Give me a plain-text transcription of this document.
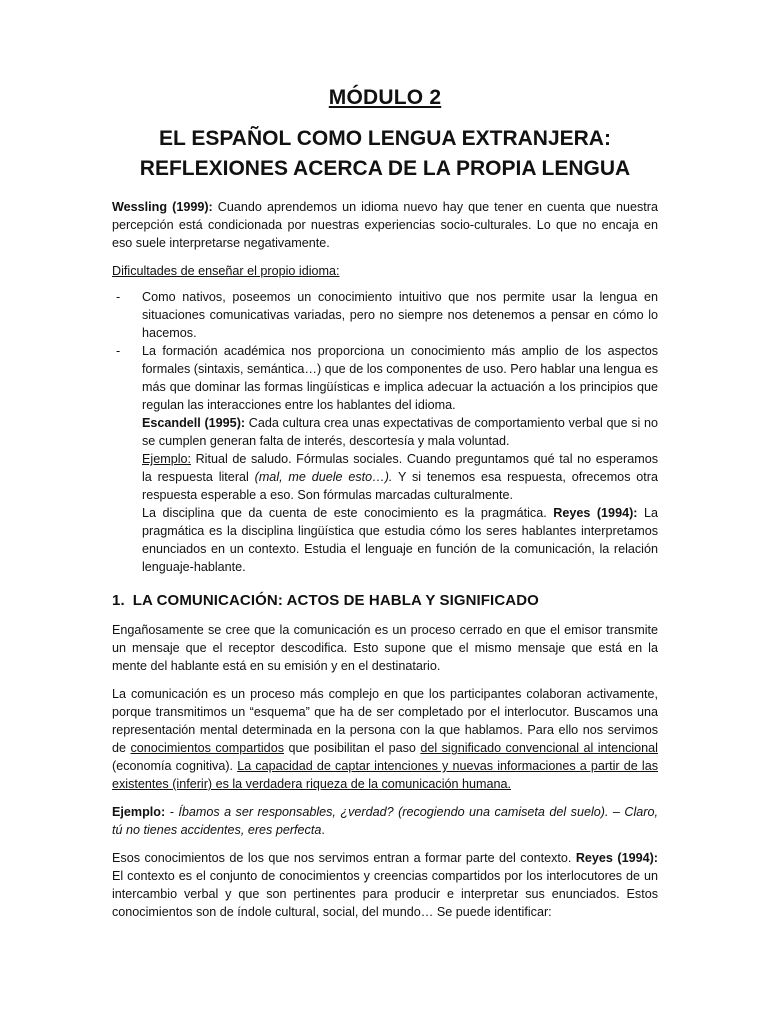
MÓDULO 2
EL ESPAÑOL COMO LENGUA EXTRANJERA:
REFLEXIONES ACERCA DE LA PROPIA LENGUA

Wessling (1999): Cuando aprendemos un idioma nuevo hay que tener en cuenta que nuestra percepción está condicionada por nuestras experiencias socio-culturales. Lo que no encaja en eso suele interpretarse negativamente.

Dificultades de enseñar el propio idioma:

- Como nativos, poseemos un conocimiento intuitivo que nos permite usar la lengua en situaciones comunicativas variadas, pero no siempre nos detenemos a pensar en cómo lo hacemos.
- La formación académica nos proporciona un conocimiento más amplio de los aspectos formales (sintaxis, semántica…) que de los componentes de uso. Pero hablar una lengua es más que dominar las formas lingüísticas e implica adecuar la actuación a los principios que regulan las interacciones entre los hablantes del idioma.
Escandell (1995): Cada cultura crea unas expectativas de comportamiento verbal que si no se cumplen generan falta de interés, descortesía y mala voluntad.
Ejemplo: Ritual de saludo. Fórmulas sociales. Cuando preguntamos qué tal no esperamos la respuesta literal (mal, me duele esto…). Y si tenemos esa respuesta, ofrecemos otra respuesta esperable a eso. Son fórmulas marcadas culturalmente.
La disciplina que da cuenta de este conocimiento es la pragmática. Reyes (1994): La pragmática es la disciplina lingüística que estudia cómo los seres hablantes interpretamos enunciados en un contexto. Estudia el lenguaje en función de la comunicación, la relación lenguaje-hablante.
1. LA COMUNICACIÓN: ACTOS DE HABLA Y SIGNIFICADO

Engañosamente se cree que la comunicación es un proceso cerrado en que el emisor transmite un mensaje que el receptor descodifica. Esto supone que el mismo mensaje que está en la mente del hablante está en su emisión y en el destinatario.

La comunicación es un proceso más complejo en que los participantes colaboran activamente, porque transmitimos un “esquema” que ha de ser completado por el interlocutor. Buscamos una representación mental determinada en la persona con la que hablamos. Para ello nos servimos de conocimientos compartidos que posibilitan el paso del significado convencional al intencional (economía cognitiva). La capacidad de captar intenciones y nuevas informaciones a partir de las existentes (inferir) es la verdadera riqueza de la comunicación humana.

Ejemplo: - Íbamos a ser responsables, ¿verdad? (recogiendo una camiseta del suelo). – Claro, tú no tienes accidentes, eres perfecta.

Esos conocimientos de los que nos servimos entran a formar parte del contexto. Reyes (1994): El contexto es el conjunto de conocimientos y creencias compartidos por los interlocutores de un intercambio verbal y que son pertinentes para producir e interpretar sus enunciados. Estos conocimientos son de índole cultural, social, del mundo… Se puede identificar:
